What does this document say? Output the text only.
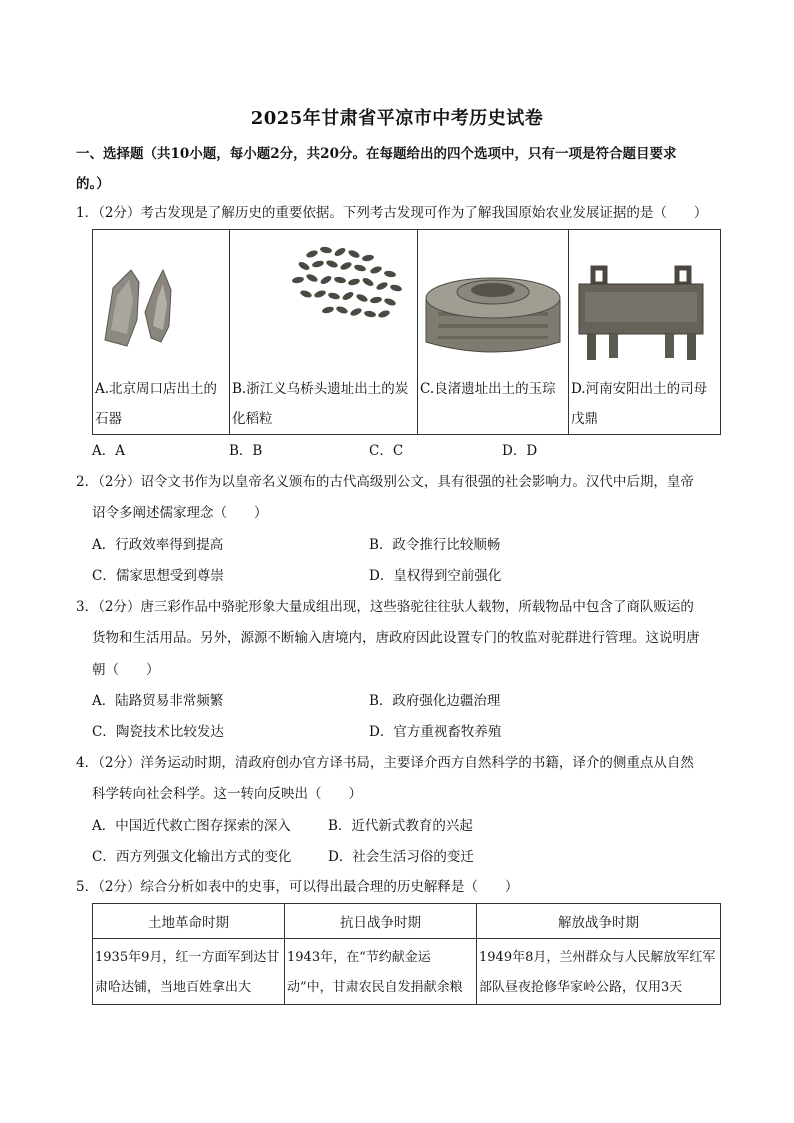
2025年甘肃省平凉市中考历史试卷
一、选择题（共10小题，每小题2分，共20分。在每题给出的四个选项中，只有一项是符合题目要求
的。）
1．（2分）考古发现是了解历史的重要依据。下列考古发现可作为了解我国原始农业发展证据的是（　　）
A.北京周口店出土的石器

B.浙江义乌桥头遗址出土的炭化稻粒

C.良渚遗址出土的玉琮	D.河南安阳出土的司母戊鼎
A．A	B．B	C．C	D．D
2．（2分）诏令文书作为以皇帝名义颁布的古代高级别公文，具有很强的社会影响力。汉代中后期，皇帝
诏令多阐述儒家理念（　　）
A．行政效率得到提高	B．政令推行比较顺畅
C．儒家思想受到尊崇	D．皇权得到空前强化
3．（2分）唐三彩作品中骆驼形象大量成组出现，这些骆驼往往驮人载物，所载物品中包含了商队贩运的
货物和生活用品。另外，源源不断输入唐境内，唐政府因此设置专门的牧监对驼群进行管理。这说明唐
朝（　　）
A．陆路贸易非常频繁	B．政府强化边疆治理
C．陶瓷技术比较发达	D．官方重视畜牧养殖
4．（2分）洋务运动时期，清政府创办官方译书局，主要译介西方自然科学的书籍，译介的侧重点从自然
科学转向社会科学。这一转向反映出（　　）
A．中国近代救亡图存探索的深入	B．近代新式教育的兴起
C．西方列强文化输出方式的变化	D．社会生活习俗的变迁
5．（2分）综合分析如表中的史事，可以得出最合理的历史解释是（　　）
土地革命时期	抗日战争时期	解放战争时期
1935年9月，红一方面军到达甘肃哈达铺，当地百姓拿出大	1943年，在“节约献金运动”中，甘肃农民自发捐献余粮	1949年8月，兰州群众与人民解放军红军部队昼夜抢修华家岭公路，仅用3天
